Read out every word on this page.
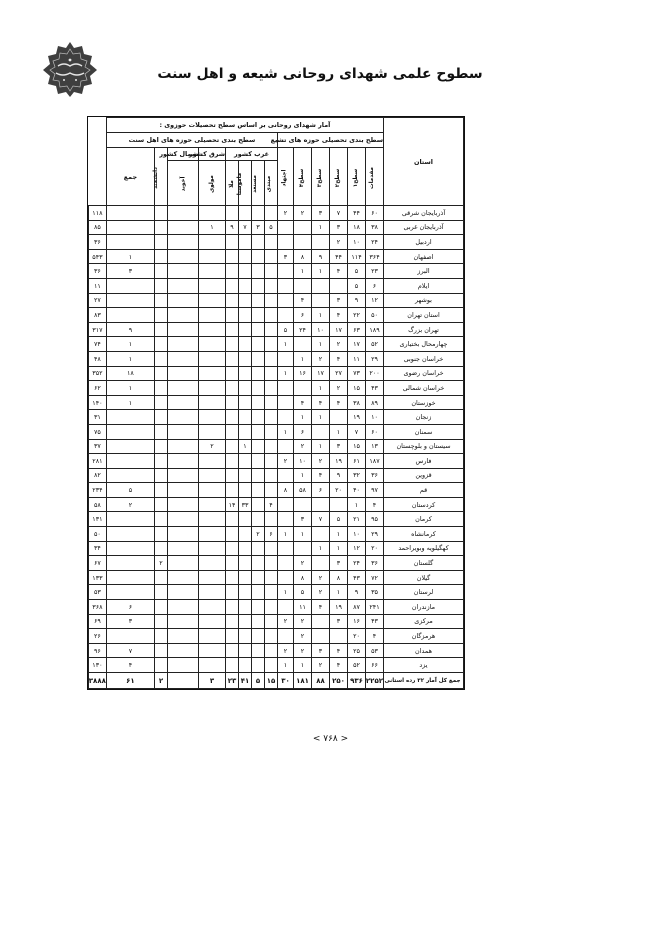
سطوح علمی شهدای روحانی شیعه و اهل سنت
استان	آمار شهدای روحانی بر اساس سطح تحصیلات حوزوی :														
	سطح بندی تحصیلی حوزه های تشیع						سطح بندی تحصیلی حوزه های اهل سنت								
	مقدمات	سطح۱	سطح۲	سطح۳	سطح۴	اجتهاد	غرب کشور				شرق کشور	شمال کشور	دانشمند	جمع	
							مبتدی	مستعد	ماموستا	ملا	مولوی	آخوند			
آذربایجان شرقی	۶۰	۴۴	۷	۳	۲	۲									۱۱۸
آذربایجان غربی	۳۸	۱۸	۳	۱			۵	۳	۷	۹	۱				۸۵
اردبیل	۲۴	۱۰	۲												۳۶
اصفهان	۳۶۴	۱۱۴	۴۴	۹	۸	۳								۱	۵۴۳
البرز	۲۳	۵	۴	۱	۱									۳	۳۶
ایلام	۶	۵													۱۱
بوشهر	۱۲	۹	۳		۴										۲۷
استان تهران	۵۰	۲۲	۴	۱	۶										۸۳
تهران بزرگ	۱۸۹	۶۳	۱۷	۱۰	۲۴	۵								۹	۳۱۷
چهارمحال بختیاری	۵۲	۱۷	۲	۱		۱								۱	۷۴
خراسان جنوبی	۲۹	۱۱	۴	۲	۱									۱	۴۸
خراسان رضوی	۲۰۰	۷۳	۲۷	۱۷	۱۶	۱								۱۸	۳۵۲
خراسان شمالی	۴۳	۱۵	۲	۱										۱	۶۲
خوزستان	۸۹	۳۸	۴	۴	۴									۱	۱۴۰
زنجان	۱۰	۱۹		۱	۱										۳۱
سمنان	۶۰	۷	۱		۶	۱									۷۵
سیستان و بلوچستان	۱۳	۱۵	۳	۱	۲				۱		۲				۳۷
فارس	۱۸۷	۶۱	۱۹	۲	۱۰	۲									۲۸۱
قزوین	۳۶	۳۲	۹	۴	۱										۸۲
قم	۹۷	۴۰	۲۰	۶	۵۸	۸								۵	۲۳۴
کردستان	۴	۱					۴		۳۳	۱۴				۲	۵۸
کرمان	۹۵	۲۱	۵	۷	۳										۱۳۱
کرمانشاه	۲۹	۱۰	۱		۱	۱	۶	۲							۵۰
کهگیلویه وبویراحمد	۲۰	۱۲	۱	۱											۳۴
گلستان	۳۶	۲۴	۳		۲								۲		۶۷
گیلان	۷۲	۴۳	۸	۲	۸										۱۳۳
لرستان	۳۵	۹	۱	۲	۵	۱									۵۳
مازندران	۲۴۱	۸۷	۱۹	۴	۱۱									۶	۳۶۸
مرکزی	۴۳	۱۶	۳		۲	۲								۳	۶۹
هرمزگان	۴	۲۰			۲										۲۶
همدان	۵۳	۲۵	۴	۳	۲	۲								۷	۹۶
یزد	۶۶	۵۲	۴	۲	۱	۱								۴	۱۳۰
جمع کل آمار ۳۲ رده استانی	۲۲۵۲	۹۳۶	۲۵۰	۸۸	۱۸۱	۳۰	۱۵	۵	۴۱	۲۳	۳		۲	۶۱	۳۸۸۸
< ۷۶۸ >
